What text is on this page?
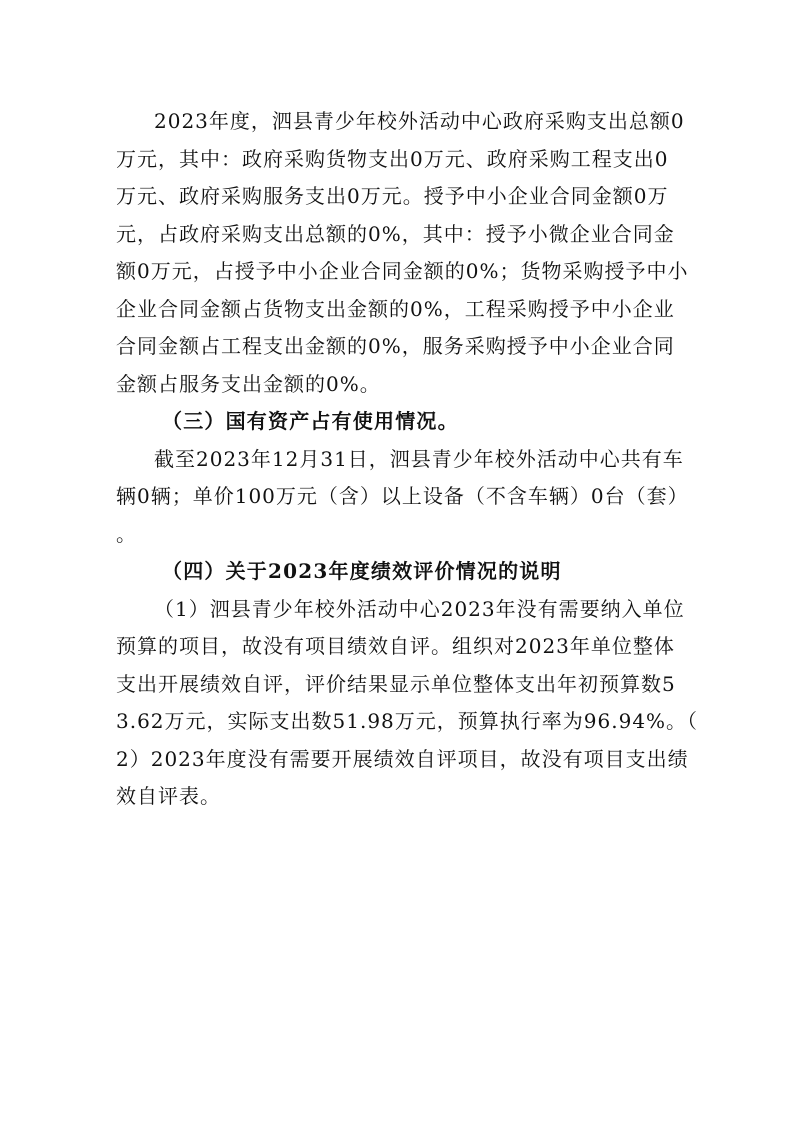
2023年度，泗县青少年校外活动中心政府采购支出总额0
万元，其中：政府采购货物支出0万元、政府采购工程支出0
万元、政府采购服务支出0万元。授予中小企业合同金额0万
元，占政府采购支出总额的0%，其中：授予小微企业合同金
额0万元，占授予中小企业合同金额的0%；货物采购授予中小
企业合同金额占货物支出金额的0%，工程采购授予中小企业
合同金额占工程支出金额的0%，服务采购授予中小企业合同
金额占服务支出金额的0%。
（三）国有资产占有使用情况。
截至2023年12月31日，泗县青少年校外活动中心共有车
辆0辆；单价100万元（含）以上设备（不含车辆）0台（套）
。
（四）关于2023年度绩效评价情况的说明
（1）泗县青少年校外活动中心2023年没有需要纳入单位
预算的项目，故没有项目绩效自评。组织对2023年单位整体
支出开展绩效自评，评价结果显示单位整体支出年初预算数5
3.62万元，实际支出数51.98万元，预算执行率为96.94%。（
2）2023年度没有需要开展绩效自评项目，故没有项目支出绩
效自评表。
